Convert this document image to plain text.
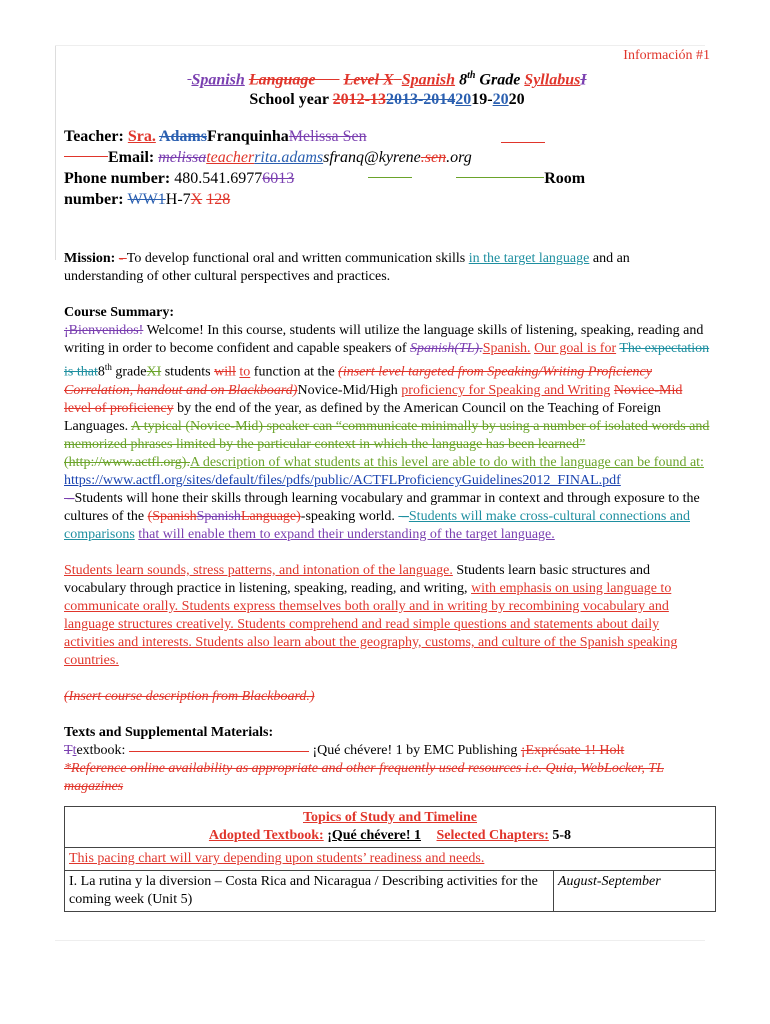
Información #1
Spanish Language Level X Spanish 8th Grade SyllabusI
School year 2012-132013-20142019-2020
Teacher: Sra. AdamsFranquinhaMelissa Sen
Email: melissateacherrita.adamssfranq@kyrene.sen.org
Phone number: 480.541.69776013	Room
number: WW1H-7X 128

Mission: - To develop functional oral and written communication skills in the target language and an understanding of other cultural perspectives and practices.

Course Summary:

¡Bienvenidos! Welcome! In this course, students will utilize the language skills of listening, speaking, reading and writing in order to become confident and capable speakers of Spanish(TL).Spanish. Our goal is for The expectation is that8th gradeXI students will to function at the (insert level targeted from Speaking/Writing Proficiency Correlation, handout and on Blackboard)Novice-Mid/High proficiency for Speaking and Writing Novice-Mid level of proficiency by the end of the year, as defined by the American Council on the Teaching of Foreign Languages. A typical (Novice-Mid) speaker can “communicate minimally by using a number of isolated words and memorized phrases limited by the particular context in which the language has been learned” (http://www.actfl.org).A description of what students at this level are able to do with the language can be found at: https://www.actfl.org/sites/default/files/pdfs/public/ACTFLProficiencyGuidelines2012_FINAL.pdf
–Students will hone their skills through learning vocabulary and grammar in context and through exposure to the cultures of the (SpanishSpanishLanguage)-speaking world.  –Students will make cross-cultural connections and comparisons that will enable them to expand their understanding of the target language.

Students learn sounds, stress patterns, and intonation of the language. Students learn basic structures and vocabulary through practice in listening, speaking, reading, and writing, with emphasis on using language to communicate orally. Students express themselves both orally and in writing by recombining vocabulary and language structures creatively. Students comprehend and read simple questions and statements about daily activities and interests. Students also learn about the geography, customs, and culture of the Spanish speaking countries.

(Insert course description from Blackboard.)

Texts and Supplemental Materials:

Ttextbook:	¡Qué chévere! 1 by EMC Publishing ¡Exprésate 1! Holt

*Reference online availability as appropriate and other frequently used resources i.e. Quia, WebLocker, TL magazines

Topics of Study and Timeline
Adopted Textbook: ¡Qué chévere! 1 Selected Chapters: 5-8

This pacing chart will vary depending upon students’ readiness and needs.
I. La rutina y la diversion – Costa Rica and Nicaragua / Describing activities for the coming week (Unit 5)	August-September
